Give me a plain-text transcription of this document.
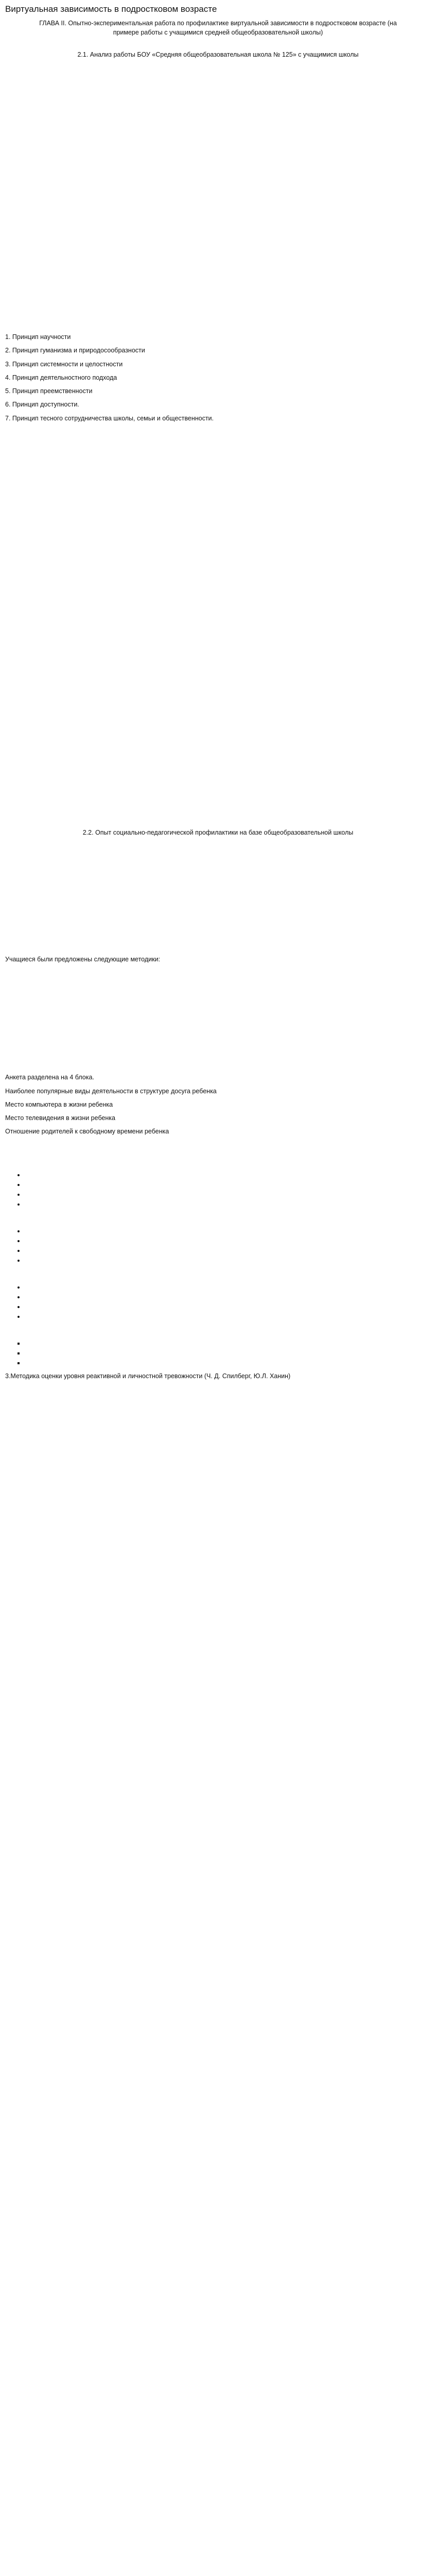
Виртуальная зависимость в подростковом возрасте

ГЛАВА II. Опытно-экспериментальная работа по профилактике виртуальной зависимости в подростковом возрасте (на примере работы с учащимися средней общеобразовательной школы)

2.1. Анализ работы БОУ «Средняя общеобразовательная школа № 125» с учащимися школы

1. Принцип научности
2. Принцип гуманизма и природосообразности
3. Принцип системности и целостности
4. Принцип деятельностного подхода
5. Принцип преемственности
6. Принцип доступности.
7. Принцип тесного сотрудничества школы, семьи и общественности.

2.2. Опыт социально-педагогической профилактики на базе общеобразовательной школы

Учащиеся были предложены следующие методики:

Анкета разделена на 4 блока.

Наиболее популярные виды деятельности в структуре досуга ребенка

Место компьютера в жизни ребенка

Место телевидения в жизни ребенка

Отношение родителей к свободному времени ребенка

•
•
•
•

•
•
•
•

•
•
•
•

▪
▪
▪

3.Методика оценки уровня реактивной и личностной тревожности (Ч. Д. Спилберг, Ю.Л. Ханин)
